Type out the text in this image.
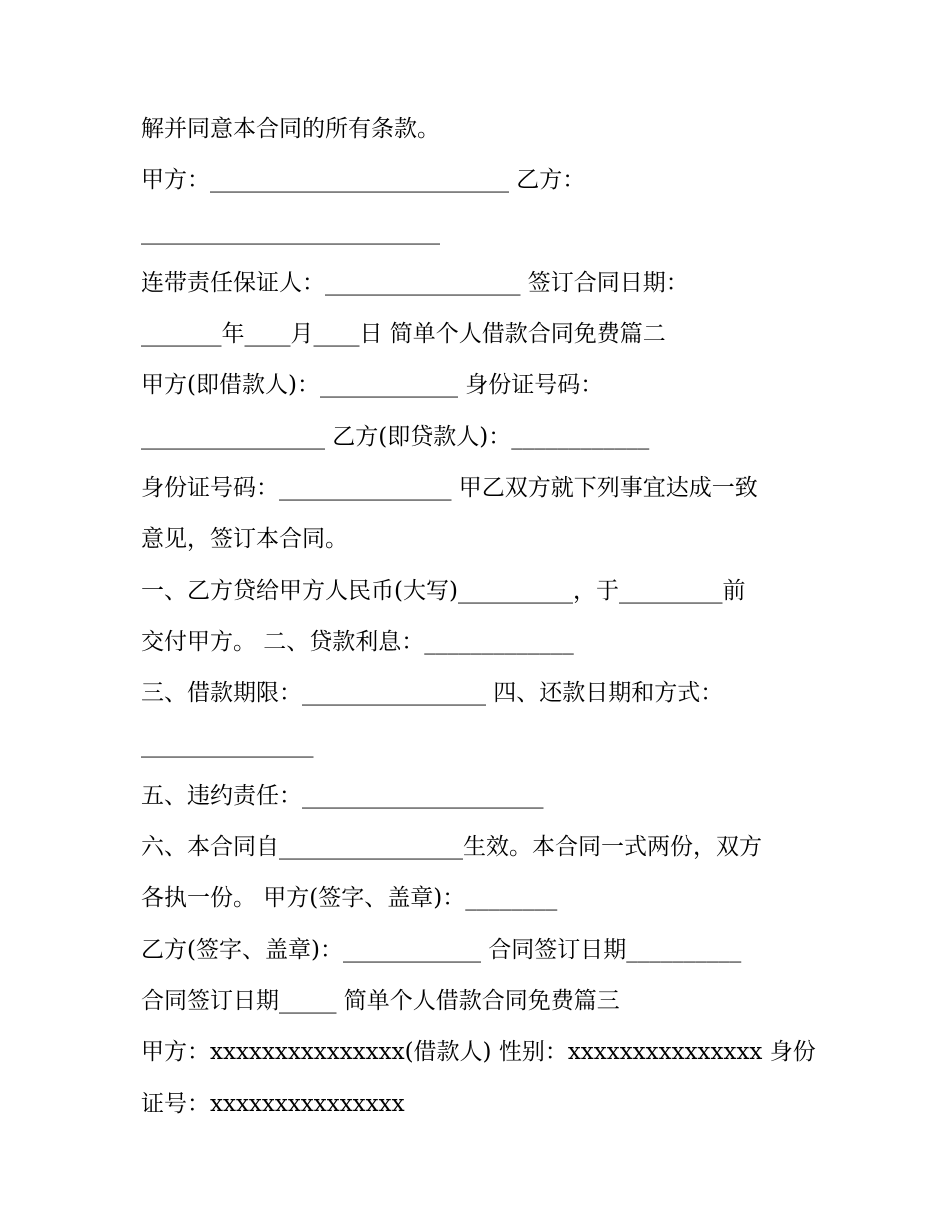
解并同意本合同的所有条款。
甲方：__________________________ 乙方：
__________________________
连带责任保证人：_________________ 签订合同日期：
_______年____月____日 简单个人借款合同免费篇二
甲方(即借款人)：____________ 身份证号码：
________________ 乙方(即贷款人)：____________
身份证号码：_______________ 甲乙双方就下列事宜达成一致
意见，签订本合同。
一、乙方贷给甲方人民币(大写)__________，于_________前
交付甲方。 二、贷款利息：_____________
三、借款期限：________________ 四、还款日期和方式：
_______________
五、违约责任：_____________________
六、本合同自________________生效。本合同一式两份，双方
各执一份。 甲方(签字、盖章)：________
乙方(签字、盖章)：____________ 合同签订日期__________
合同签订日期_____ 简单个人借款合同免费篇三
甲方：xxxxxxxxxxxxxxx(借款人) 性别：xxxxxxxxxxxxxxx 身份
证号：xxxxxxxxxxxxxxx
